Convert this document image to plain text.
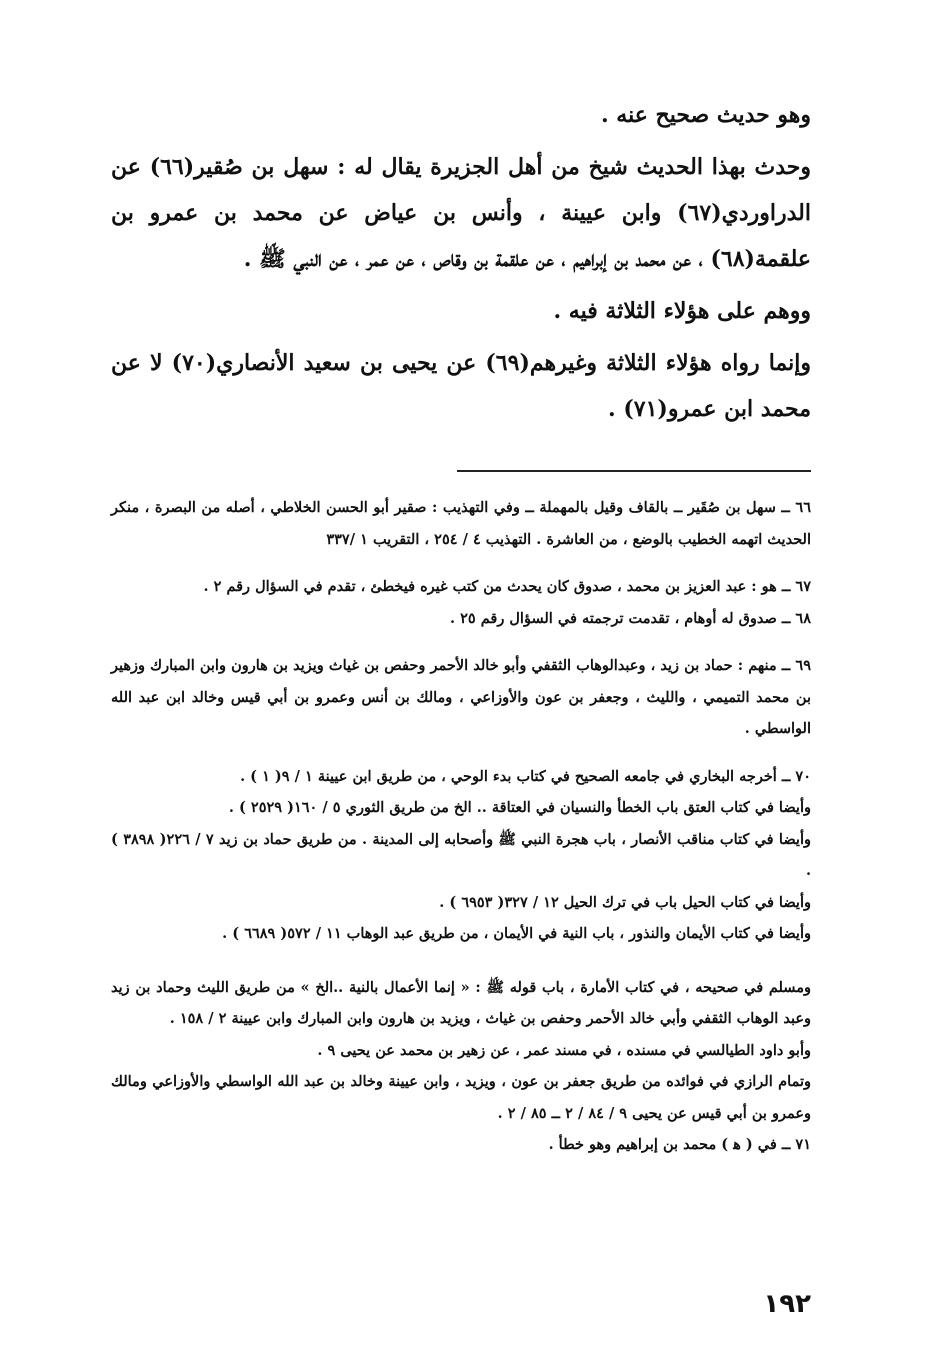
وهو حديث صحيح عنه .

وحدث بهذا الحديث شيخ من أهل الجزيرة يقال له : سهل بن صُقير(٦٦) عن الدراوردي(٦٧) وابن عيينة ، وأنس بن عياض عن محمد بن عمرو بن علقمة(٦٨) ، عن محمد بن إبراهيم ، عن علقمة بن وقاص ، عن عمر ، عن النبي ﷺ .

ووهم على هؤلاء الثلاثة فيه .

وإنما رواه هؤلاء الثلاثة وغيرهم(٦٩) عن يحيى بن سعيد الأنصاري(٧٠) لا عن محمد ابن عمرو(٧١) .

٦٦ ــ سهل بن صُقَير ــ بالقاف وقيل بالمهملة ــ وفي التهذيب : صقير أبو الحسن الخلاطي ، أصله من البصرة ، منكر الحديث اتهمه الخطيب بالوضع ، من العاشرة . التهذيب ٤ / ٢٥٤ ، التقريب ١ /٣٣٧

٦٧ ــ هو : عبد العزيز بن محمد ، صدوق كان يحدث من كتب غيره فيخطئ ، تقدم في السؤال رقم ٢ .

٦٨ ــ صدوق له أوهام ، تقدمت ترجمته في السؤال رقم ٢٥ .

٦٩ ــ منهم : حماد بن زيد ، وعبدالوهاب الثقفي وأبو خالد الأحمر وحفص بن غياث ويزيد بن هارون وابن المبارك وزهير بن محمد التميمي ، والليث ، وجعفر بن عون والأوزاعي ، ومالك بن أنس وعمرو بن أبي قيس وخالد ابن عبد الله الواسطي .

٧٠ ــ أخرجه البخاري في جامعه الصحيح في كتاب بدء الوحي ، من طريق ابن عيينة ١ / ٩( ١ ) .

وأيضا في كتاب العتق باب الخطأ والنسيان في العتاقة .. الخ من طريق الثوري ٥ / ١٦٠( ٢٥٢٩ ) .

وأيضا في كتاب مناقب الأنصار ، باب هجرة النبي ﷺ وأصحابه إلى المدينة . من طريق حماد بن زيد ٧ / ٢٢٦( ٣٨٩٨ ) .

وأيضا في كتاب الحيل باب في ترك الحيل ١٢ / ٣٢٧( ٦٩٥٣ ) .

وأيضا في كتاب الأيمان والنذور ، باب النية في الأيمان ، من طريق عبد الوهاب ١١ / ٥٧٢( ٦٦٨٩ ) .

ومسلم في صحيحه ، في كتاب الأمارة ، باب قوله ﷺ : « إنما الأعمال بالنية ..الخ » من طريق الليث وحماد بن زيد وعبد الوهاب الثقفي وأبي خالد الأحمر وحفص بن غياث ، ويزيد بن هارون وابن المبارك وابن عيينة ٢ / ١٥٨ .

وأبو داود الطيالسي في مسنده ، في مسند عمر ، عن زهير بن محمد عن يحيى ٩ .

وتمام الرازي في فوائده من طريق جعفر بن عون ، ويزيد ، وابن عيينة وخالد بن عبد الله الواسطي والأوزاعي ومالك وعمرو بن أبي قيس عن يحيى ٩ / ٨٤ / ٢ ــ ٨٥ / ٢ .

٧١ ــ في ( ﻫ ) محمد بن إبراهيم وهو خطأ .

١٩٢
